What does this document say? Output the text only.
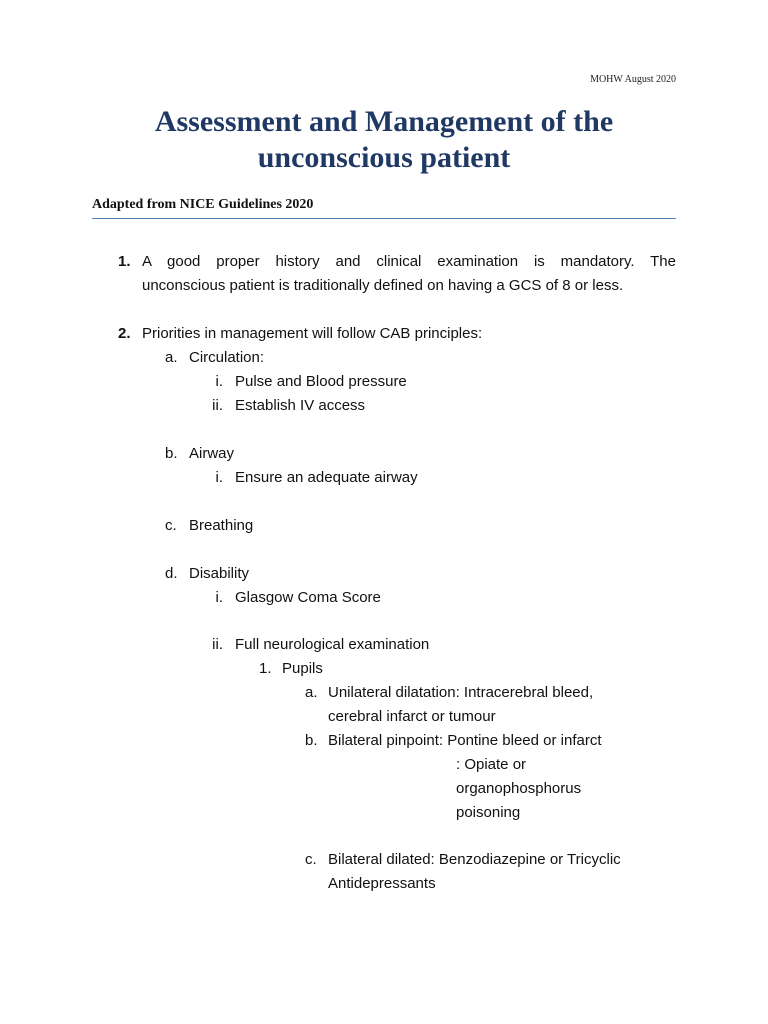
MOHW August 2020
Assessment and Management of the unconscious patient
Adapted from NICE Guidelines 2020
1. A good proper history and clinical examination is mandatory. The
unconscious patient is traditionally defined on having a GCS of 8 or less.
2. Priorities in management will follow CAB principles:
a. Circulation:
i. Pulse and Blood pressure
ii. Establish IV access
b. Airway
i. Ensure an adequate airway
c. Breathing
d. Disability
i. Glasgow Coma Score
ii. Full neurological examination
1. Pupils
a. Unilateral dilatation: Intracerebral bleed,
cerebral infarct or tumour
b. Bilateral pinpoint: Pontine bleed or infarct
: Opiate or
organophosphorus
poisoning
c. Bilateral dilated: Benzodiazepine or Tricyclic
Antidepressants
